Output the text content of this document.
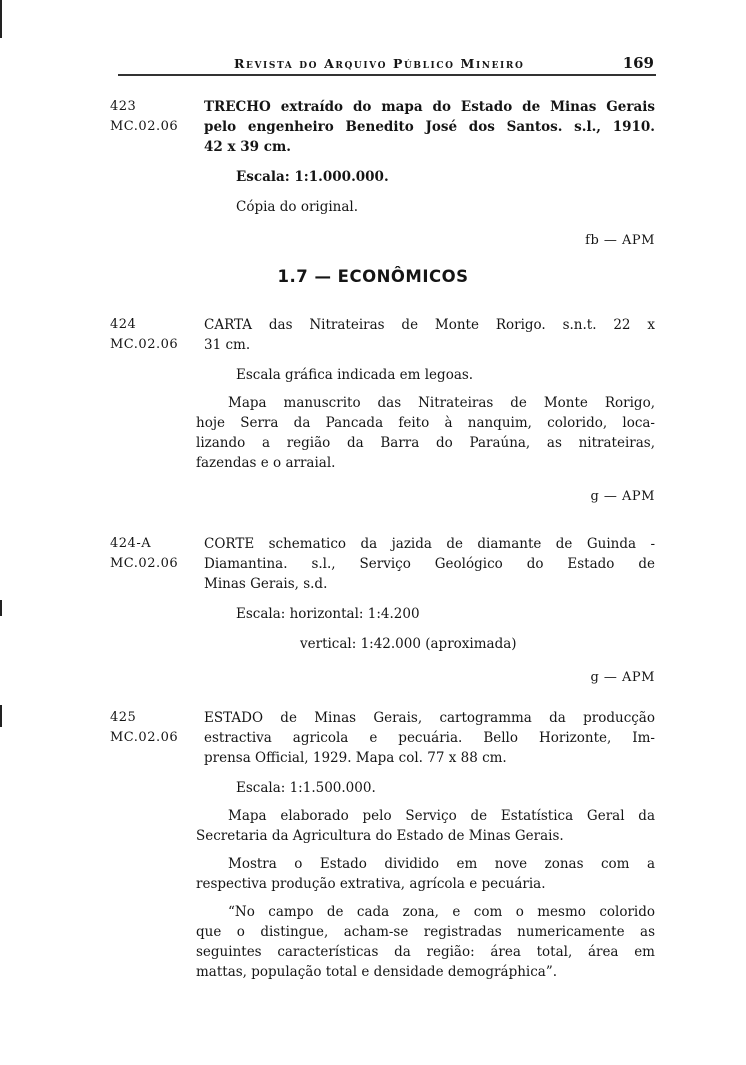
Revista do Arquivo Público Mineiro	169
423
MC.02.06

TRECHO extraído do mapa do Estado de Minas Gerais
pelo engenheiro Benedito José dos Santos. s.l., 1910.
42 x 39 cm.

Escala: 1:1.000.000.

Cópia do original.

fb — APM

1.7 — ECONÔMICOS
424
MC.02.06

CARTA das Nitrateiras de Monte Rorigo. s.n.t. 22 x
31 cm.

Escala gráfica indicada em legoas.

Mapa manuscrito das Nitrateiras de Monte Rorigo,
hoje Serra da Pancada feito à nanquim, colorido, loca-
lizando a região da Barra do Paraúna, as nitrateiras,
fazendas e o arraial.

g — APM

424-A
MC.02.06

CORTE schematico da jazida de diamante de Guinda -
Diamantina. s.l., Serviço Geológico do Estado de
Minas Gerais, s.d.

Escala: horizontal: 1:4.200

vertical: 1:42.000 (aproximada)

g — APM

425
MC.02.06

ESTADO de Minas Gerais, cartogramma da producção
estractiva agricola e pecuária. Bello Horizonte, Im-
prensa Official, 1929. Mapa col. 77 x 88 cm.

Escala: 1:1.500.000.

Mapa elaborado pelo Serviço de Estatística Geral da
Secretaria da Agricultura do Estado de Minas Gerais.
Mostra o Estado dividido em nove zonas com a
respectiva produção extrativa, agrícola e pecuária.
“No campo de cada zona, e com o mesmo colorido
que o distingue, acham-se registradas numericamente as
seguintes características da região: área total, área em
mattas, população total e densidade demográphica”.
